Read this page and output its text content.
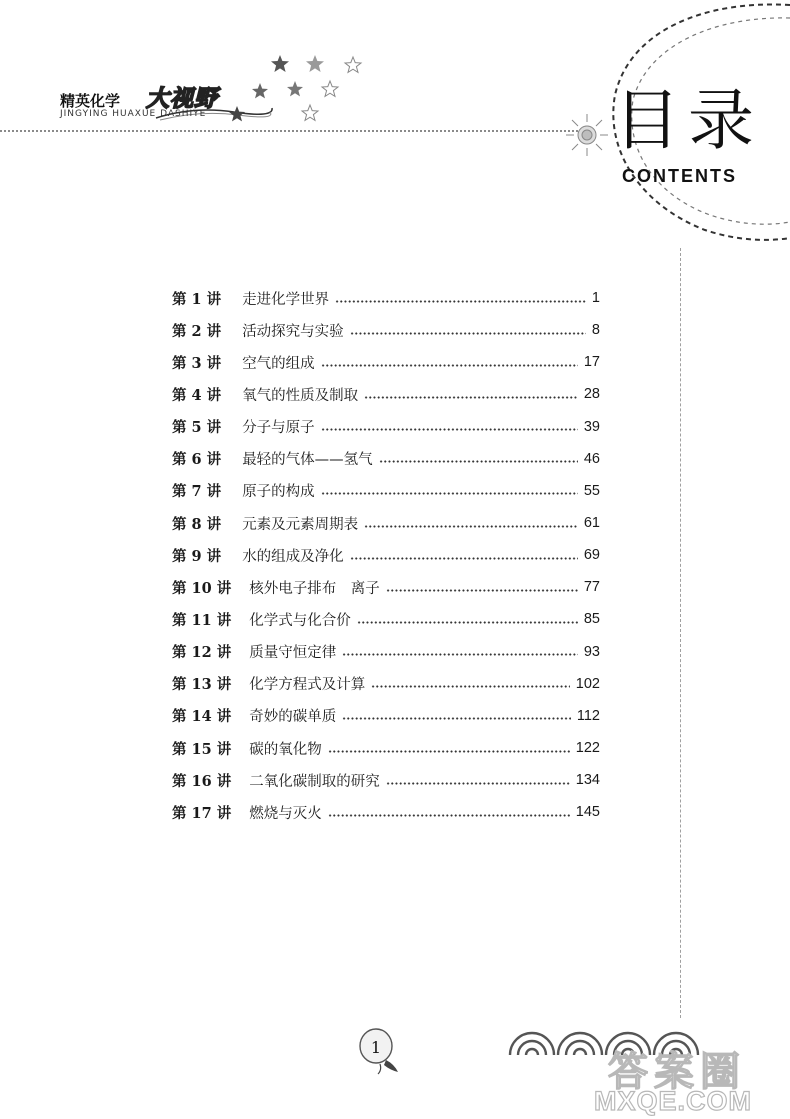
精英化学 大视野
JINGYING HUAXUE DASHIYE	目录
CONTENTS
第 1 讲 走进化学世界	1
第 2 讲 活动探究与实验	8
第 3 讲 空气的组成	17
第 4 讲 氧气的性质及制取	28
第 5 讲 分子与原子	39
第 6 讲 最轻的气体——氢气	46
第 7 讲 原子的构成	55
第 8 讲 元素及元素周期表	61
第 9 讲 水的组成及净化	69
第 10 讲 核外电子排布　离子	77
第 11 讲 化学式与化合价	85
第 12 讲 质量守恒定律	93
第 13 讲 化学方程式及计算	102
第 14 讲 奇妙的碳单质	112
第 15 讲 碳的氧化物	122
第 16 讲 二氧化碳制取的研究	134
第 17 讲 燃烧与灭火	145
1
答案圈
MXQE.COM
